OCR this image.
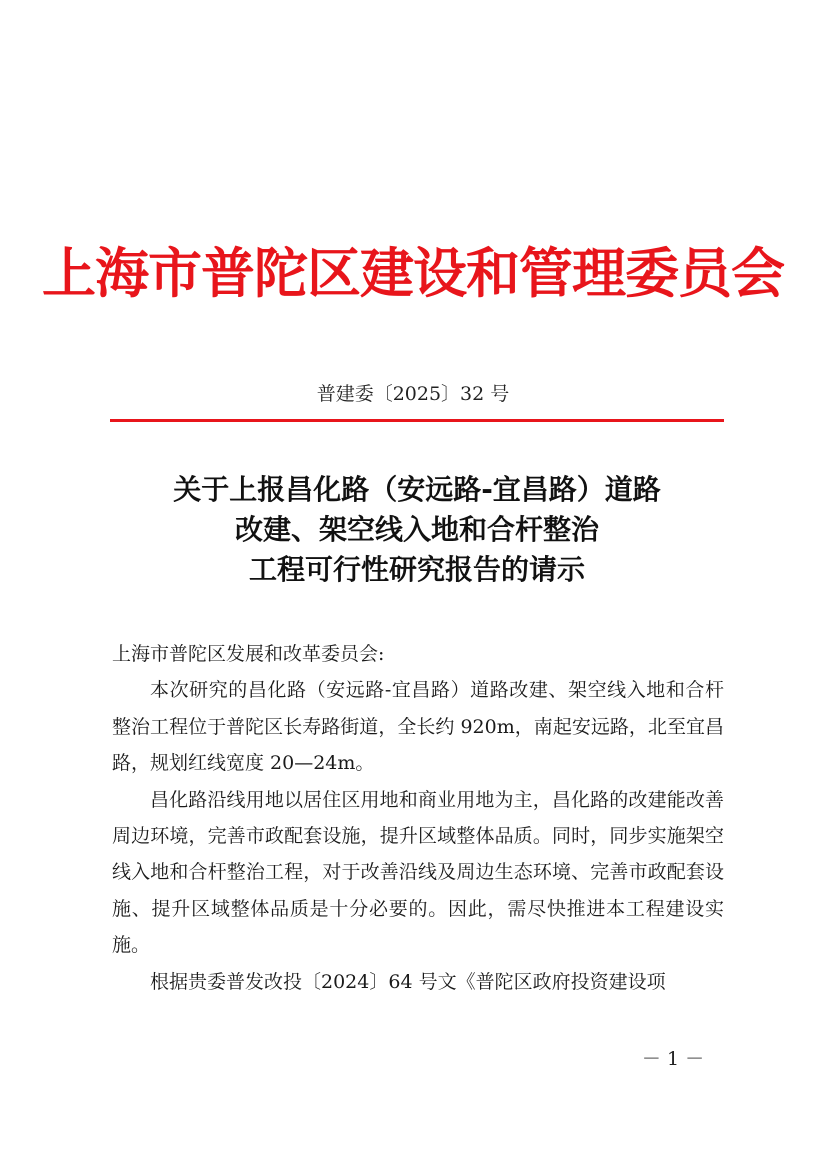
上海市普陀区建设和管理委员会
普建委〔2025〕32 号
关于上报昌化路（安远路-宜昌路）道路
改建、架空线入地和合杆整治
工程可行性研究报告的请示

上海市普陀区发展和改革委员会:

本次研究的昌化路（安远路-宜昌路）道路改建、架空线入地和合杆整治工程位于普陀区长寿路街道，全长约 920m，南起安远路，北至宜昌路，规划红线宽度 20—24m。

昌化路沿线用地以居住区用地和商业用地为主，昌化路的改建能改善周边环境，完善市政配套设施，提升区域整体品质。同时，同步实施架空线入地和合杆整治工程，对于改善沿线及周边生态环境、完善市政配套设施、提升区域整体品质是十分必要的。因此，需尽快推进本工程建设实施。

根据贵委普发改投〔2024〕64 号文《普陀区政府投资建设项

－ 1 －
